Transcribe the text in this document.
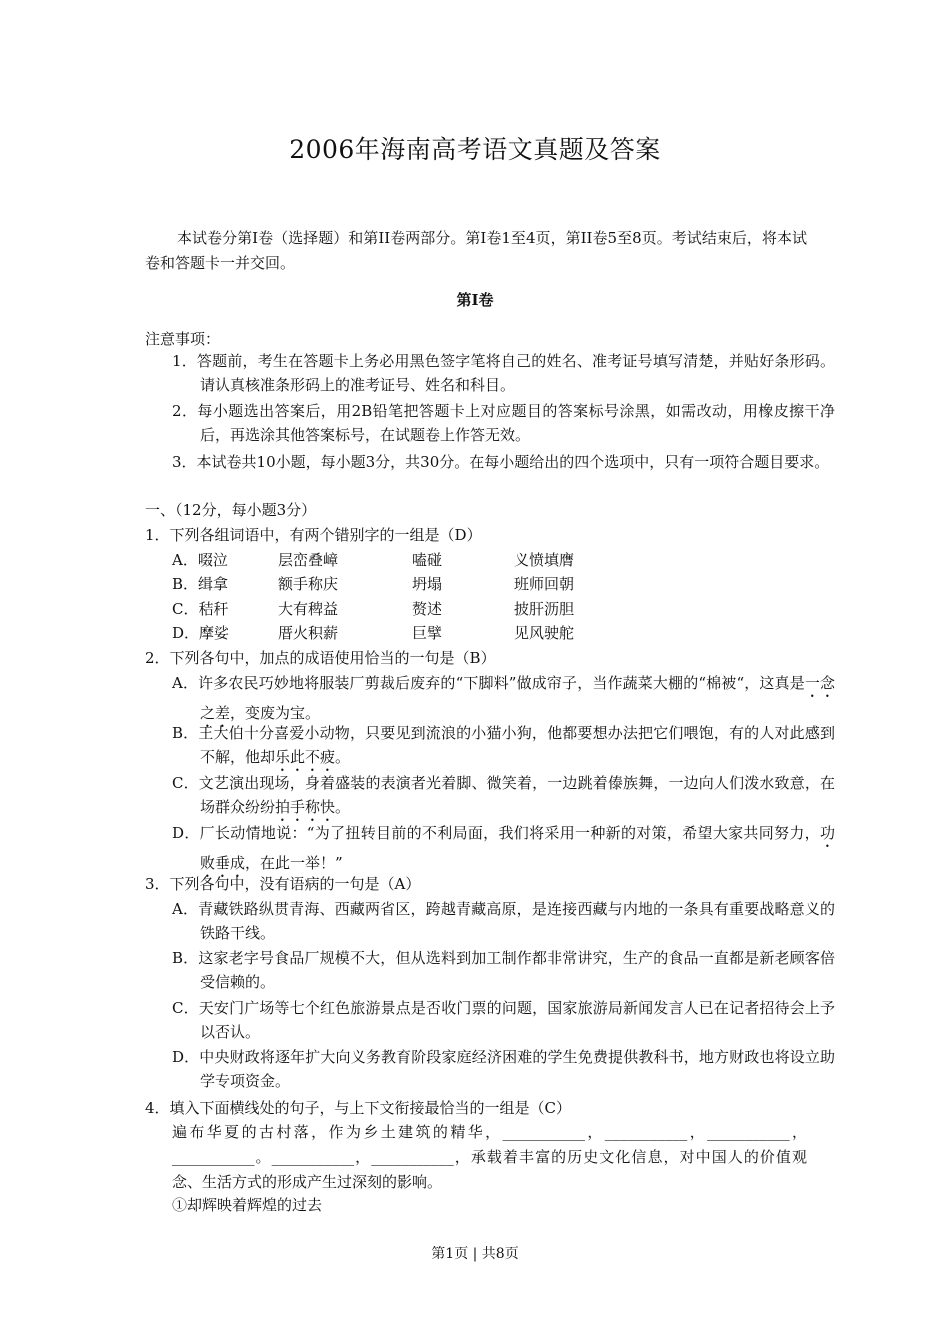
2006年海南高考语文真题及答案
本试卷分第I卷（选择题）和第II卷两部分。第I卷1至4页，第II卷5至8页。考试结束后，将本试卷和答题卡一并交回。
第I卷
注意事项：
1．答题前，考生在答题卡上务必用黑色签字笔将自己的姓名、准考证号填写清楚，并贴好条形码。请认真核准条形码上的准考证号、姓名和科目。
2．每小题选出答案后，用2B铅笔把答题卡上对应题目的答案标号涂黑，如需改动，用橡皮擦干净后，再选涂其他答案标号，在试题卷上作答无效。
3．本试卷共10小题，每小题3分，共30分。在每小题给出的四个选项中，只有一项符合题目要求。
一、（12分，每小题3分）
1．下列各组词语中，有两个错别字的一组是（D）
A．啜泣	层峦叠嶂	嗑碰	义愤填膺
B．缉拿	额手称庆	坍塌	班师回朝
C．秸秆	大有稗益	赘述	披肝沥胆
D．摩娑	厝火积薪	巨擘	见风驶舵
2．下列各句中，加点的成语使用恰当的一句是（B）
A．许多农民巧妙地将服装厂剪裁后废弃的“下脚料”做成帘子，当作蔬菜大棚的“棉被“，这真是一念之差，变废为宝。
B．王大伯十分喜爱小动物，只要见到流浪的小猫小狗，他都要想办法把它们喂饱，有的人对此感到不解，他却乐此不疲。
C．文艺演出现场，身着盛装的表演者光着脚、微笑着，一边跳着傣族舞，一边向人们泼水致意，在场群众纷纷拍手称快。
D．厂长动情地说：“为了扭转目前的不利局面，我们将采用一种新的对策，希望大家共同努力，功败垂成，在此一举！”
3．下列各句中，没有语病的一句是（A）
A．青藏铁路纵贯青海、西藏两省区，跨越青藏高原，是连接西藏与内地的一条具有重要战略意义的铁路干线。
B．这家老字号食品厂规模不大，但从选料到加工制作都非常讲究，生产的食品一直都是新老顾客倍受信赖的。
C．天安门广场等七个红色旅游景点是否收门票的问题，国家旅游局新闻发言人已在记者招待会上予以否认。
D．中央财政将逐年扩大向义务教育阶段家庭经济困难的学生免费提供教科书，地方财政也将设立助学专项资金。
4．填入下面横线处的句子，与上下文衔接最恰当的一组是（C）
遍布华夏的古村落，作为乡土建筑的精华，___________，___________，___________，___________。___________，___________，承载着丰富的历史文化信息，对中国人的价值观念、生活方式的形成产生过深刻的影响。
①却辉映着辉煌的过去
第1页 | 共8页
